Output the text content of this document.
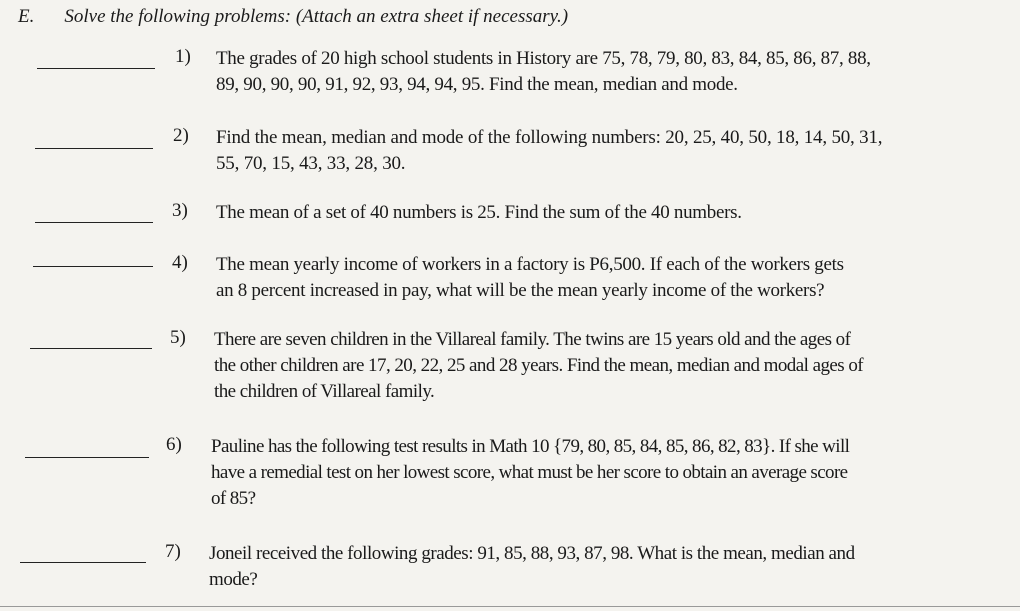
E. Solve the following problems: (Attach an extra sheet if necessary.)
1) The grades of 20 high school students in History are 75, 78, 79, 80, 83, 84, 85, 86, 87, 88,
89, 90, 90, 90, 91, 92, 93, 94, 94, 95. Find the mean, median and mode.

2) Find the mean, median and mode of the following numbers: 20, 25, 40, 50, 18, 14, 50, 31,
55, 70, 15, 43, 33, 28, 30.

3) The mean of a set of 40 numbers is 25. Find the sum of the 40 numbers.

4) The mean yearly income of workers in a factory is P6,500. If each of the workers gets
an 8 percent increased in pay, what will be the mean yearly income of the workers?

5) There are seven children in the Villareal family. The twins are 15 years old and the ages of
the other children are 17, 20, 22, 25 and 28 years. Find the mean, median and modal ages of
the children of Villareal family.

6) Pauline has the following test results in Math 10 {79, 80, 85, 84, 85, 86, 82, 83}. If she will
have a remedial test on her lowest score, what must be her score to obtain an average score
of 85?

7) Joneil received the following grades: 91, 85, 88, 93, 87, 98. What is the mean, median and
mode?
